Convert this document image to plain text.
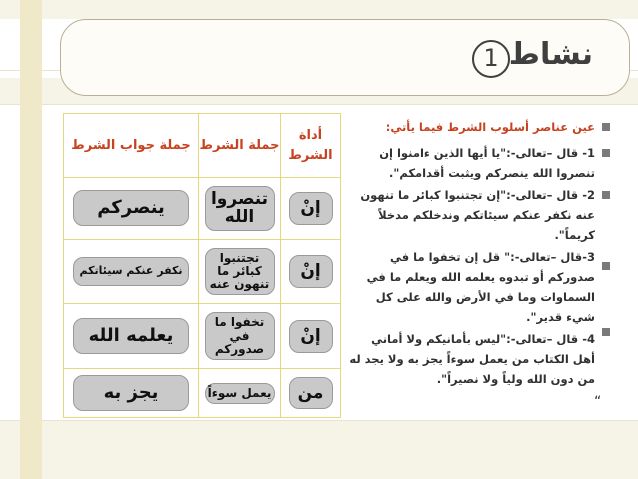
نشاط
1
أداة الشرط	جملة الشرط	جملة جواب الشرط
إنْ	تنصروا الله	ينصركم
إنْ	تجتنبوا كبائر ما تنهون عنه	نكفر عنكم سيئاتكم
إنْ	تخفوا ما في صدوركم	يعلمه الله
من	يعمل سوءاً	يجز به
عين عناصر أسلوب الشرط فيما يأتي:
1- قال –تعالى-:"يا أيها الذين ءامنوا إن تنصروا الله ينصركم ويثبت أقدامكم".
2- قال –تعالى-:"إن تجتنبوا كبائر ما تنهون عنه نكفر عنكم سيئاتكم وندخلكم مدخلاً كريماً".
3-قال –تعالى-:" قل إن تخفوا ما في صدوركم أو تبدوه يعلمه الله ويعلم ما في السماوات وما في الأرض والله على كل شيء قدير".
4- قال –تعالى-:"ليس بأمانيكم ولا أماني أهل الكتاب من يعمل سوءاً يجز به ولا يجد له من دون الله ولياً ولا نصيراً".
“
